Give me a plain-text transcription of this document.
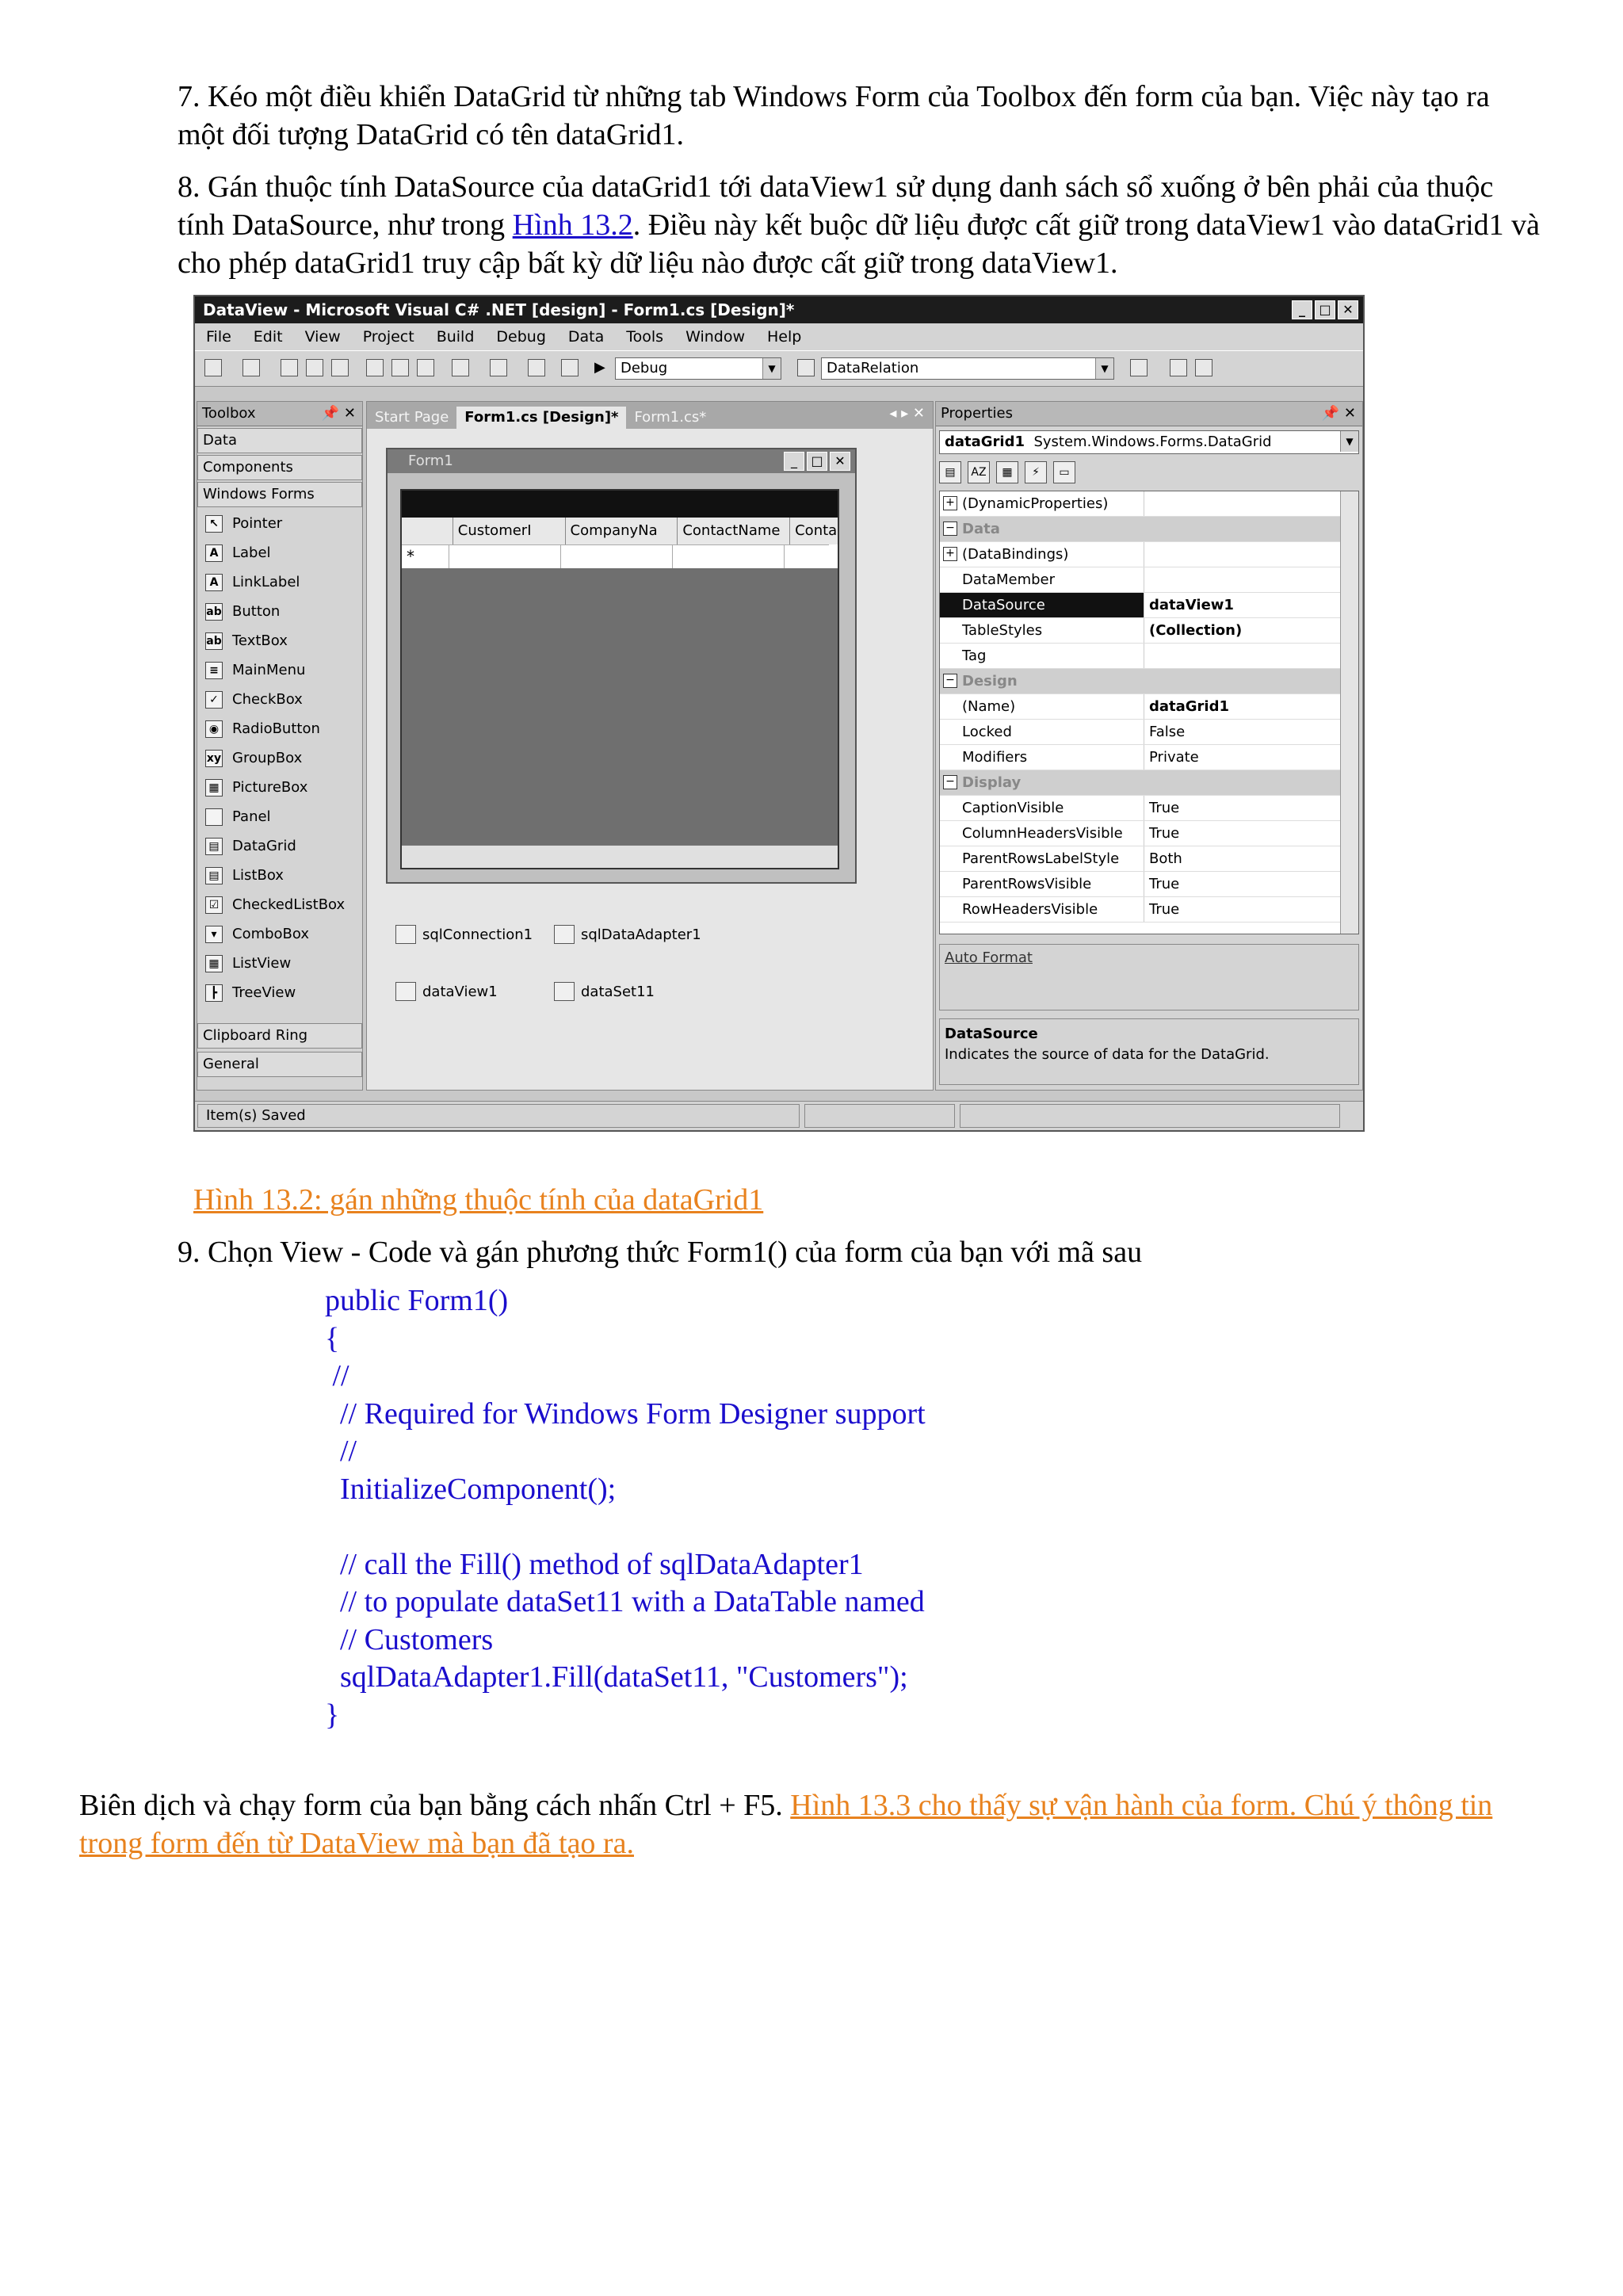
7. Kéo một điều khiển DataGrid từ những tab Windows Form của Toolbox đến form của bạn. Việc này tạo ra một đối tượng DataGrid có tên dataGrid1.
8. Gán thuộc tính DataSource của dataGrid1 tới dataView1 sử dụng danh sách sổ xuống ở bên phải của thuộc tính DataSource, như trong Hình 13.2. Điều này kết buộc dữ liệu được cất giữ trong dataView1 vào dataGrid1 và cho phép dataGrid1 truy cập bất kỳ dữ liệu nào được cất giữ trong dataView1.
DataView - Microsoft Visual C# .NET [design] - Form1.cs [Design]*	_	□ ✕
File Edit View Project Build Debug Data Tools Window Help
▶	Debug	▼	DataRelation	▼
Toolbox	📌 ✕
Data
Components
Windows Forms
↖ Pointer
A Label
A LinkLabel
ab Button
ab TextBox
≡ MainMenu
✓ CheckBox
◉ RadioButton
xy GroupBox
▦ PictureBox
Panel
▤ DataGrid
▤ ListBox
☑ CheckedListBox
▾	ComboBox
▦ ListView
┣	TreeView
Clipboard Ring
General
Start Page	Form1.cs [Design]*	Form1.cs*	◂ ▸ ✕
Form1	_	□ ✕
CustomerI	CompanyNa	ContactName	Conta
*
sqlConnection1	sqlDataAdapter1
dataView1	dataSet11
Properties	📌 ✕
dataGrid1 System.Windows.Forms.DataGrid	▼
▤	AZ	▦	⚡	▭
+ (DynamicProperties)
− Data
+ (DataBindings)
DataMember
DataSource	dataView1
TableStyles	(Collection)
Tag
− Design
(Name)	dataGrid1
Locked	False
Modifiers	Private
− Display
CaptionVisible	True
ColumnHeadersVisible	True
ParentRowsLabelStyle	Both
ParentRowsVisible	True
RowHeadersVisible	True
Auto Format
DataSource
Indicates the source of data for the DataGrid.
Item(s) Saved
Hình 13.2: gán những thuộc tính của dataGrid1
9. Chọn View - Code và gán phương thức Form1() của form của bạn với mã sau
public Form1()
{
//
// Required for Windows Form Designer support
//
InitializeComponent();

// call the Fill() method of sqlDataAdapter1
// to populate dataSet11 with a DataTable named
// Customers
sqlDataAdapter1.Fill(dataSet11, "Customers");
}
Biên dịch và chạy form của bạn bằng cách nhấn Ctrl + F5. Hình 13.3 cho thấy sự vận hành của form. Chú ý thông tin trong form đến từ DataView mà bạn đã tạo ra.
